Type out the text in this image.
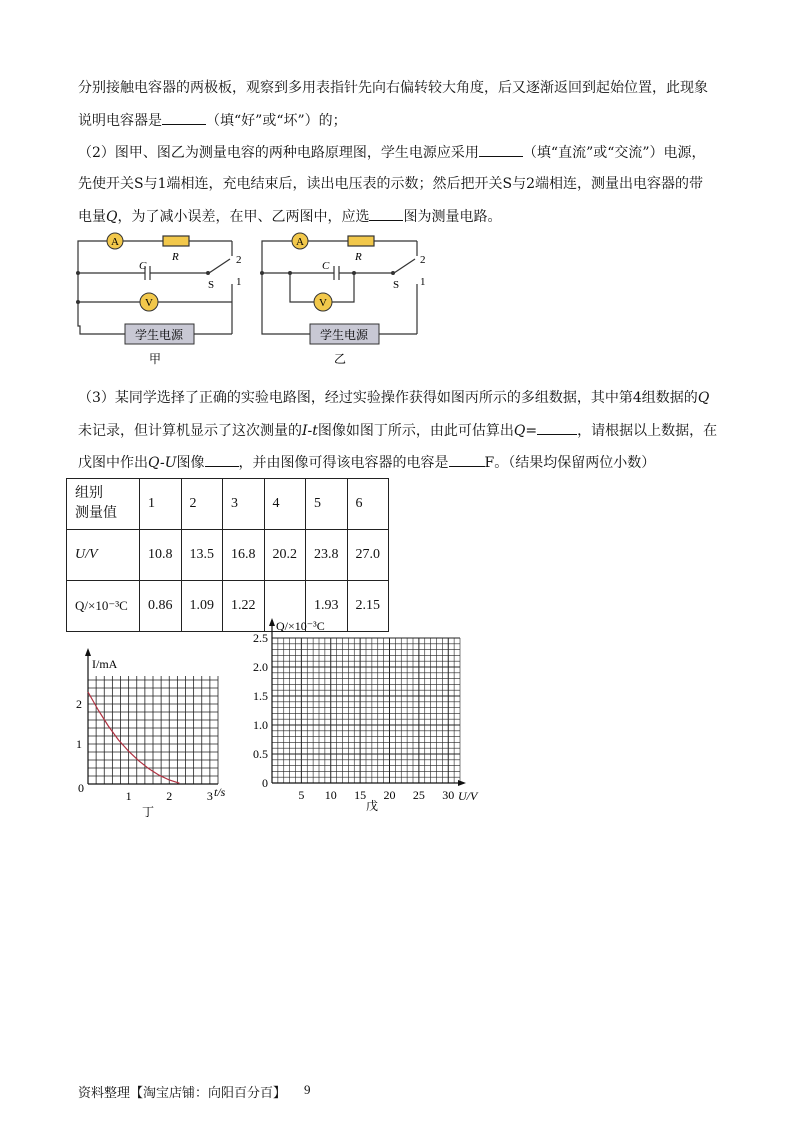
分别接触电容器的两极板，观察到多用表指针先向右偏转较大角度，后又逐渐返回到起始位置，此现象
说明电容器是	（填“好”或“坏”）的；
（2）图甲、图乙为测量电容的两种电路原理图，学生电源应采用	（填“直流”或“交流”）电源，
先使开关S与1端相连，充电结束后，读出电压表的示数；然后把开关S与2端相连，测量出电容器的带
电量Q，为了减小误差，在甲、乙两图中，应选 图为测量电路。
A
V
A
V
学生电源	学生电源
R
C
R
C
S
2
1	S
2
1
甲	乙
（3）某同学选择了正确的实验电路图，经过实验操作获得如图丙所示的多组数据，其中第4组数据的Q
未记录，但计算机显示了这次测量的I-t图像如图丁所示，由此可估算出Q=	，请根据以上数据，在
戊图中作出Q-U图像 ，并由图像可得该电容器的电容是	F。（结果均保留两位小数）
组别
测量值	1	2	3	4	5	6
U/V	10.8	13.5	16.8	20.2	23.8	27.0
Q/×10⁻³C	0.86	1.09	1.22		1.93	2.15
I/mA
0
1	2	3
1
2
t/s
丁
Q/×10⁻³C
0
0.5
1.0
1.5
2.0
2.5
5 10 15 20 25 30 U/V
戊
资料整理【淘宝店铺：向阳百分百】 9
